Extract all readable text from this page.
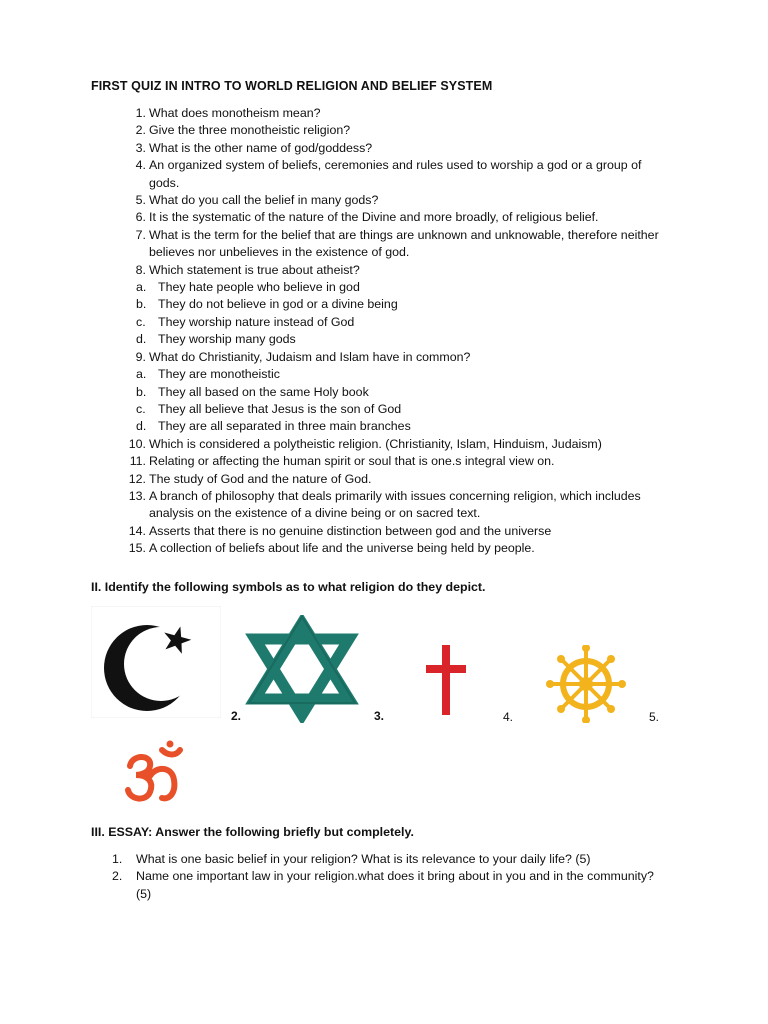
FIRST QUIZ IN INTRO TO WORLD RELIGION AND BELIEF SYSTEM
1. What does monotheism mean?
2. Give the three monotheistic religion?
3. What is the other name of god/goddess?
4. An organized system of beliefs, ceremonies and rules used to worship a god or a group of gods.
5. What do you call the belief in many gods?
6. It is the systematic of the nature of the Divine and more broadly, of religious belief.
7. What is the term for the belief that are things are unknown and unknowable, therefore neither believes nor unbelieves in the existence of god.
8. Which statement is true about atheist?
a. They hate people who believe in god
b. They do not believe in god or a divine being
c. They worship nature instead of God
d. They worship many gods
9. What do Christianity, Judaism and Islam have in common?
a. They are monotheistic
b. They all based on the same Holy book
c. They all believe that Jesus is the son of God
d. They are all separated in three main branches
10. Which is considered a polytheistic religion. (Christianity, Islam, Hinduism, Judaism)
11. Relating or affecting the human spirit or soul that is one.s integral view on.
12. The study of God and the nature of God.
13. A branch of philosophy that deals primarily with issues concerning religion, which includes analysis on the existence of a divine being or on sacred text.
14. Asserts that there is no genuine distinction between god and the universe
15. A collection of beliefs about life and the universe being held by people.
II. Identify the following symbols as to what religion do they depict.
2.	3.	4.	5.
III. ESSAY: Answer the following briefly but completely.
1. What is one basic belief in your religion? What is its relevance to your daily life? (5)
2. Name one important law in your religion.what does it bring about in you and in the community? (5)
